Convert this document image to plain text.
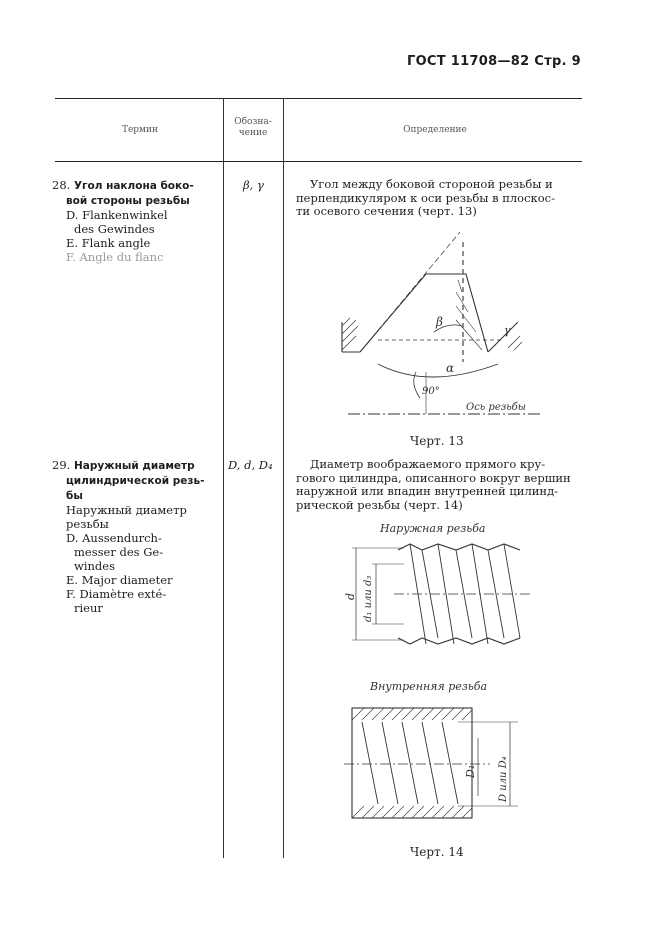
ГОСТ 11708—82 Стр. 9
Термин
Обозна-
чение	Определение
28. Угол наклона боко-
вой стороны резьбы
D. Flankenwinkel
des Gewindes
E. Flank angle
F. Angle du flanc
β, γ	Угол между боковой стороной резьбы и
перпендикуляром к оси резьбы в плоскос-
ти осевого сечения (черт. 13)
β
α
γ
90°
Ось резьбы
Черт. 13
29. Наружный диаметр
цилиндрической резь-
бы
Наружный диаметр
резьбы
D. Aussendurch-
messer des Ge-
windes
E. Major diameter
F. Diamètre exté-
rieur
D, d, D₄	Диаметр воображаемого прямого кру-
гового цилиндра, описанного вокруг вершин
наружной или впадин внутренней цилинд-
рической резьбы (черт. 14)
Наружная резьба
d d₁ или d₃
Внутренняя резьба
D₁ D или D₄
Черт. 14
